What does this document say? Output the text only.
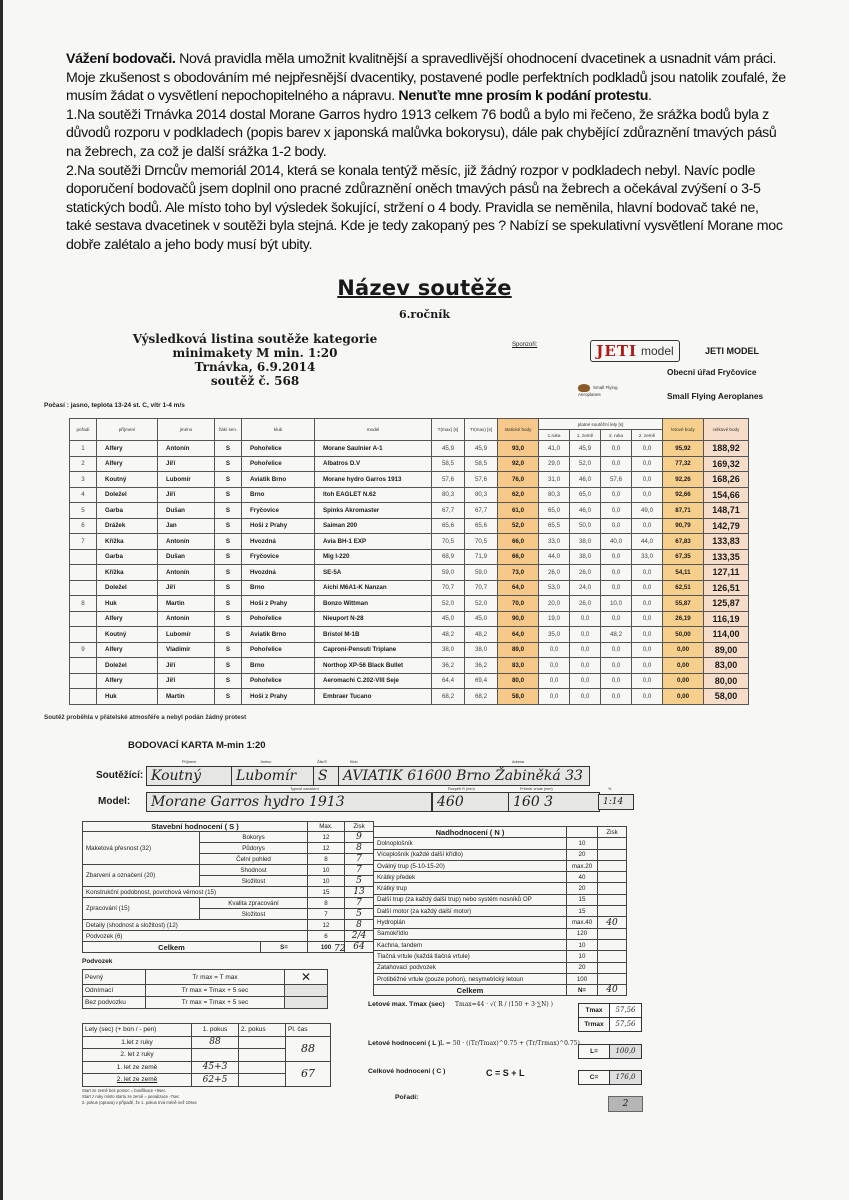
Vážení bodovači. Nová pravidla měla umožnit kvalitnější a spravedlivější ohodnocení dvacetinek a usnadnit vám práci. Moje zkušenost s obodováním mé nejpřesnější dvacentiky, postavené podle perfektních podkladů jsou natolik zoufalé, že musím žádat o vysvětlení nepochopitelného a nápravu. Nenuťte mne prosím k podání protestu.

1.Na soutěži Trnávka 2014 dostal Morane Garros hydro 1913 celkem 76 bodů a bylo mi řečeno, že srážka bodů byla z důvodů rozporu v podkladech (popis barev x japonská malůvka bokorysu), dále pak chybějící zdůraznění tmavých pásů na žebrech, za což je další srážka 1-2 body.

2.Na soutěži Drncův memoriál 2014, která se konala tentýž měsíc, již žádný rozpor v podkladech nebyl. Navíc podle doporučení bodovačů jsem doplnil ono pracné zdůraznění oněch tmavých pásů na žebrech a očekával zvýšení o 3-5 statických bodů. Ale místo toho byl výsledek šokující, stržení o 4 body. Pravidla se neměnila, hlavní bodovač také ne, také sestava dvacetinek v soutěži byla stejná. Kde je tedy zakopaný pes ? Nabízí se spekulativní vysvětlení Morane moc dobře zalétalo a jeho body musí být ubity.

Název soutěže
6.ročník
Výsledková listina soutěže kategorie
minimakety M min. 1:20
Trnávka, 6.9.2014
soutěž č. 568
Sponzoři:	JETI model
Small Flying Aeroplanes
JETI MODEL
Obecni úřad Fryčovice
Small Flying Aeroplanes
Počasí : jasno, teplota 13-24 st. C, vítr 1-4 m/s
pořadí	příjmení	jméno	žák/ sen.	klub	model	T(max) [s]	Tr(max) [s]	statické body	platné soutěžní lety [s]				letové body	celkové body
									1.ruka	1. země	2. ruka	2. země		
1	Alfery	Antonín	S	Pohořelice	Morane Saulnier A-1	45,9	45,9	93,0	41,0	45,9	0,0	0,0	95,92	188,92
2	Alfery	Jiří	S	Pohořelice	Albatros D.V	58,5	58,5	92,0	29,0	52,0	0,0	0,0	77,32	169,32
3	Koutný	Lubomír	S	Aviatik Brno	Morane hydro Garros 1913	57,6	57,6	76,0	31,0	46,0	57,6	0,0	92,26	168,26
4	Doležel	Jiří	S	Brno	Itoh EAGLET N.62	80,3	80,3	62,0	80,3	65,0	0,0	0,0	92,66	154,66
5	Garba	Dušan	S	Fryčovice	Spinks Akromaster	67,7	67,7	61,0	65,0	46,0	0,0	49,0	87,71	148,71
6	Drážek	Jan	S	Hoši z Prahy	Saiman 200	65,6	65,6	52,0	65,5	50,0	0,0	0,0	90,79	142,79
7	Křížka	Antonín	S	Hvozdná	Avia BH-1 EXP	70,5	70,5	66,0	33,0	38,0	40,0	44,0	67,83	133,83
	Garba	Dušan	S	Fryčovice	Mig I-220	68,9	71,9	66,0	44,0	38,0	0,0	33,0	67,35	133,35
	Křížka	Antonín	S	Hvozdná	SE-5A	59,0	59,0	73,0	26,0	26,0	0,0	0,0	54,11	127,11
	Doležel	Jiří	S	Brno	Aichi M6A1-K Nanzan	70,7	70,7	64,0	53,0	24,0	0,0	0,0	62,51	126,51
8	Huk	Martin	S	Hoši z Prahy	Bonzo Wittman	52,0	52,0	70,0	20,0	26,0	10,0	0,0	55,87	125,87
	Alfery	Antonín	S	Pohořelice	Nieuport N-28	45,0	45,0	90,0	19,0	0,0	0,0	0,0	26,19	116,19
	Koutný	Lubomír	S	Aviatik Brno	Bristol M-1B	48,2	48,2	64,0	35,0	0,0	48,2	0,0	50,00	114,00
9	Alfery	Vladimír	S	Pohořelice	Caproni-Pensuti Triplane	38,0	38,0	89,0	0,0	0,0	0,0	0,0	0,00	89,00
	Doležel	Jiří	S	Brno	Northop XP-56 Black Bullet	36,2	36,2	83,0	0,0	0,0	0,0	0,0	0,00	83,00
	Alfery	Jiří	S	Pohořelice	Aeromachi C.202-VIII Seje	64,4	69,4	80,0	0,0	0,0	0,0	0,0	0,00	80,00
	Huk	Martin	S	Hoši z Prahy	Embraer Tucano	68,2	68,2	58,0	0,0	0,0	0,0	0,0	0,00	58,00
Soutěž proběhla v přátelské atmosféře a nebyl podán žádný protest
BODOVACÍ KARTA M-min 1:20
Soutěžící:
Příjmení	Jméno	Žák/S	Klub	Adresa
Koutný	Lubomír	S	AVIATIK 61600 Brno Žabiněká 33
Model:
Typové označení	Rozpětí R (mm)	Průměr vrtule (mm)	%
Morane Garros hydro 1913	460	160 3	1:14
Stavební hodnocení ( S )			Max.	Zisk
Maketová přesnost (32)	Bokorys		12	9
	Půdorys		12	8
	Čelní pohled		8	7
Zbarvení a označení (20)	Shodnost		10	7
	Složitost		10	5
Konstrukční podobnost, povrchová věrnost (15)			15	13
Zpracování (15)	Kvalita zpracování		8	7
	Složitost		7	5
Detaily (shodnost a složitost) (12)			12	8
Podvozek (6)			6	2/4
Celkem		S=	100	64
72
Nadhodnocení ( N )		Zisk
Dolnoplošník	10	
Víceplošník (každé další křídlo)	20	
Oválný trup (5-10-15-20)	max.20	
Krátký předek	40	
Krátký trup	20	
Další trup (za každý další trup) nebo systém nosníků OP	15	
Další motor (za každý další motor)	15	
Hydroplán	max.40	40
Samokřídlo	120	
Kachna, tandem	10	
Tlačná vrtule (každá tlačná vrtule)	10	
Zatahovací podvozek	20	
Protiběžné vrtule (pouze pohon), nesymetrický letoun	100	
Celkem	N=	40
Podvozek
Pevný	Tr max = T max	✕
Odnímací	Tr max = Tmax + 5 sec	
Bez podvozku	Tr max = Tmax + 5 sec	
Lety (sec) (+ bon / - pen)	1. pokus	2. pokus	Pl. čas
1.let z ruky	88		88
2. let z ruky			
1. let ze země	45+3		67
2. let ze země	62+5		
Start ze země bez pomoc = bonifikace +5sec
Start z ruky místo startu ze země = penalizace -7sec
2. pokus (oprava) v případě, že 1. pokus trvá méně než 10sec
Letové max. Tmax (sec) Tmax=44 · √( R / (150 + 3·∑N) )
Letové hodnocení ( L ) L = 50 · ((Tr/Tmax)^0.75 + (Tr/Trmax)^0.75)
Celkové hodnocení ( C )	C = S + L
Pořadí:
Tmax	57,56
Trmax	57,56
L=	100,0
C=	176,0
2
